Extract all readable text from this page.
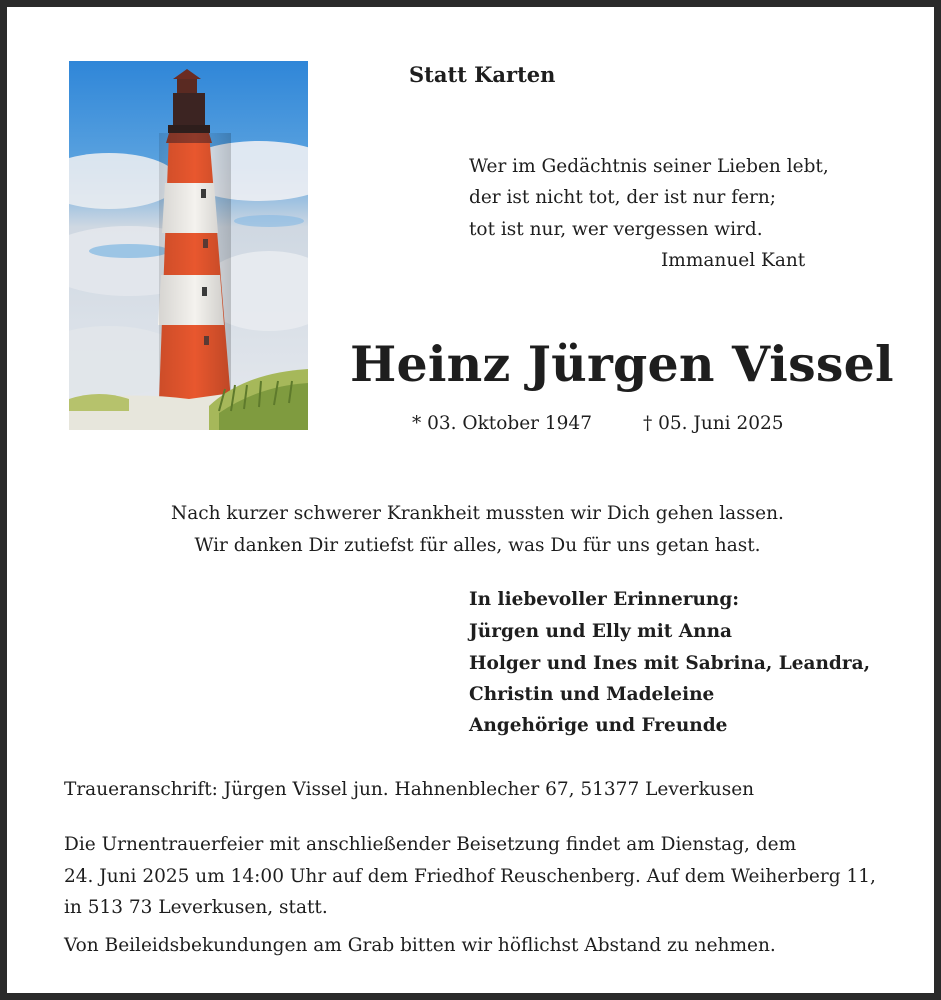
Statt Karten
Wer im Gedächtnis seiner Lieben lebt,
der ist nicht tot, der ist nur fern;
tot ist nur, wer vergessen wird.
Immanuel Kant
Heinz Jürgen Vissel
* 03. Oktober 1947	† 05. Juni 2025
Nach kurzer schwerer Krankheit mussten wir Dich gehen lassen.
Wir danken Dir zutiefst für alles, was Du für uns getan hast.
In liebevoller Erinnerung:
Jürgen und Elly mit Anna
Holger und Ines mit Sabrina, Leandra,
Christin und Madeleine
Angehörige und Freunde
Traueranschrift: Jürgen Vissel jun. Hahnenblecher 67, 51377 Leverkusen
Die Urnentrauerfeier mit anschließender Beisetzung findet am Dienstag, dem
24. Juni 2025 um 14:00 Uhr auf dem Friedhof Reuschenberg. Auf dem Weiherberg 11,
in 513 73 Leverkusen, statt.
Von Beileidsbekundungen am Grab bitten wir höflichst Abstand zu nehmen.
